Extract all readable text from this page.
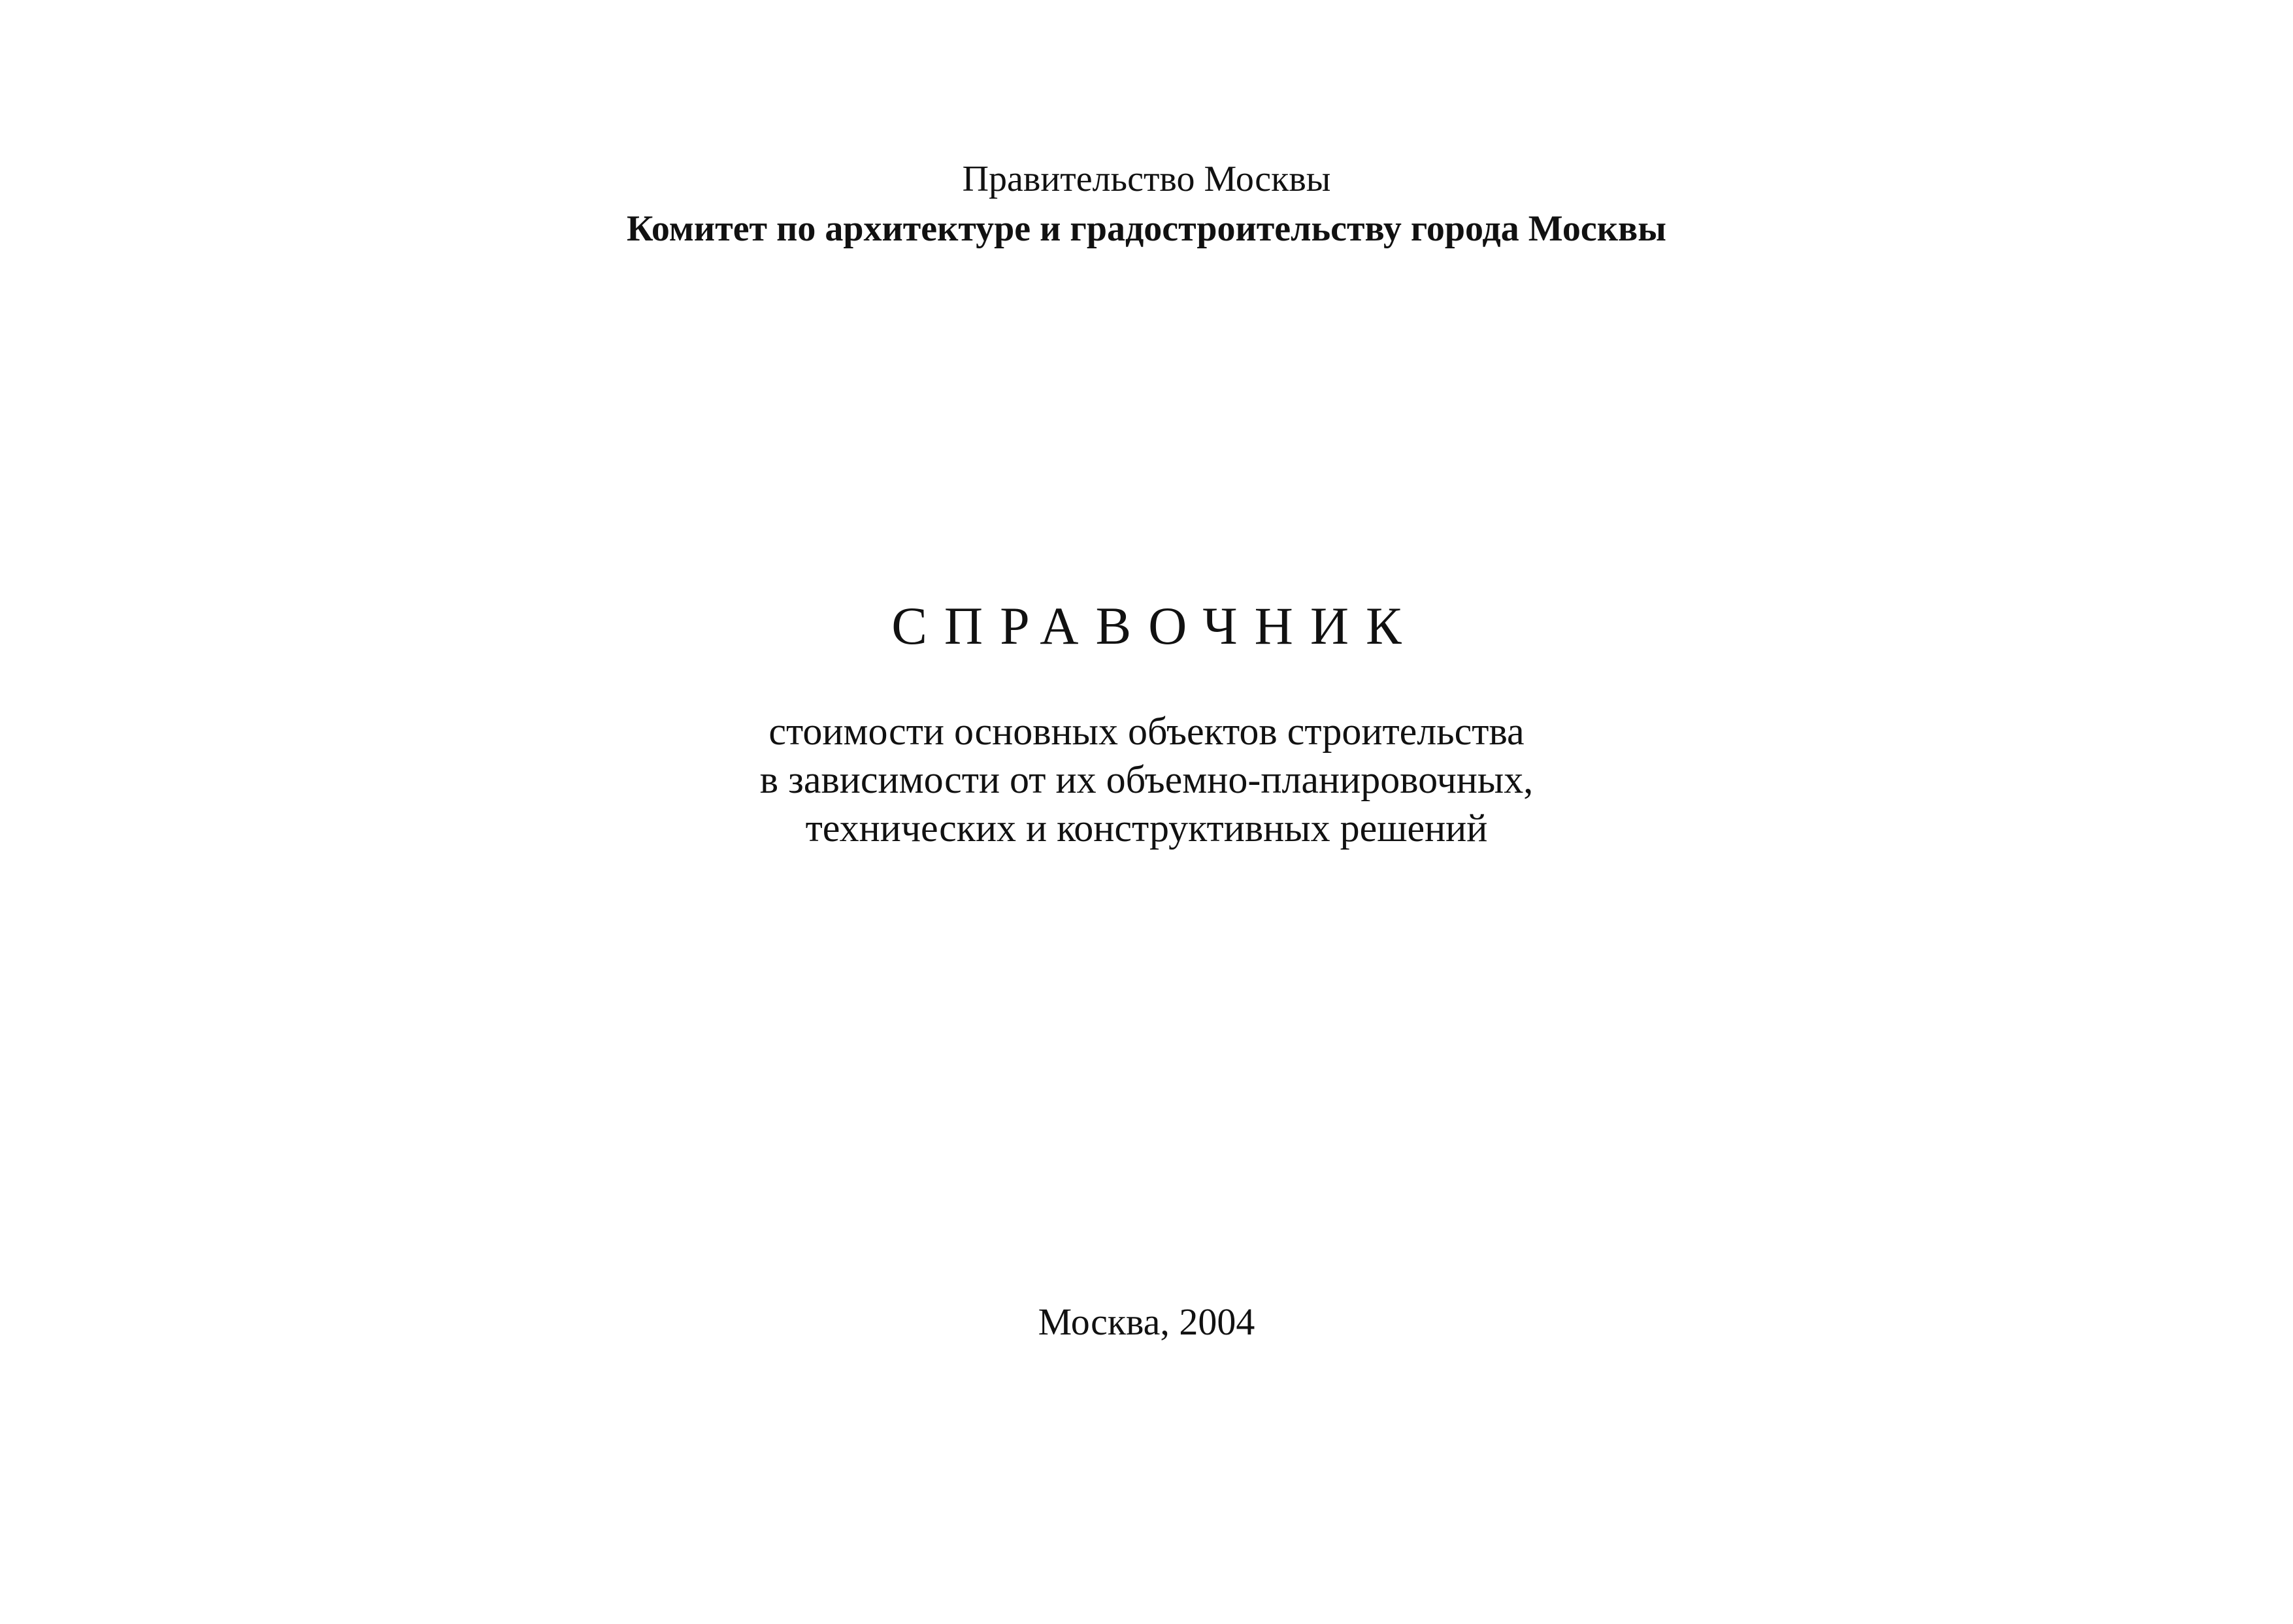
Правительство Москвы
Комитет по архитектуре и градостроительству города Москвы
СПРАВОЧНИК
стоимости основных объектов строительства
в зависимости от их объемно-планировочных,
технических и конструктивных решений
Москва, 2004
